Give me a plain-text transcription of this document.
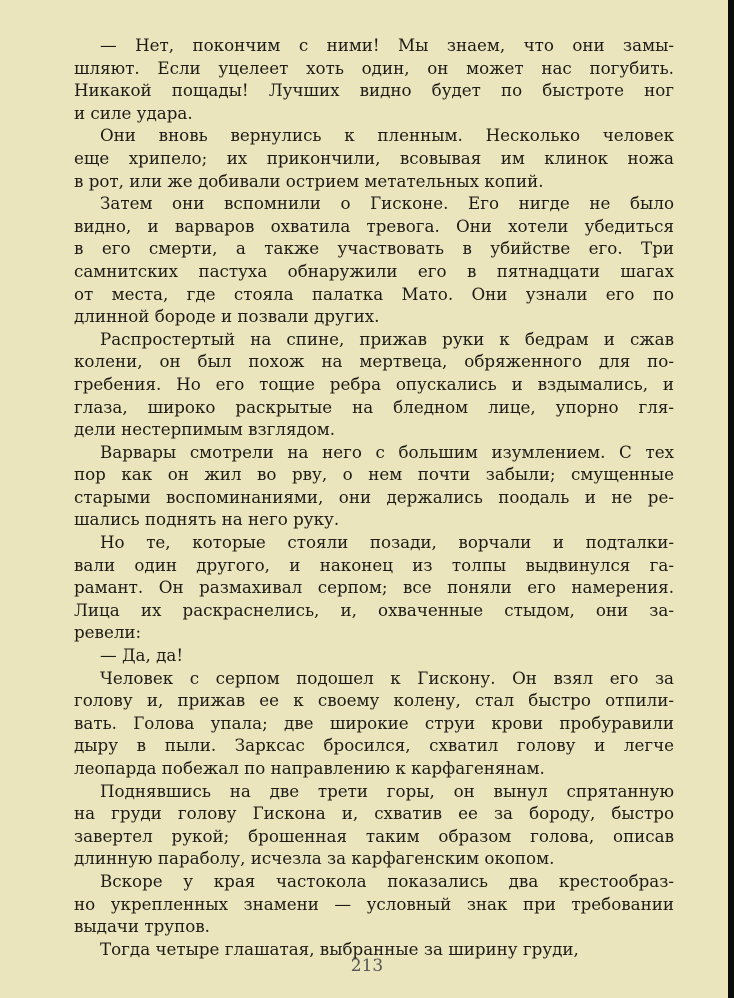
— Нет, покончим с ними! Мы знаем, что они замы-
шляют. Если уцелеет хоть один, он может нас погубить.
Никакой пощады! Лучших видно будет по быстроте ног
и силе удара.

Они вновь вернулись к пленным. Несколько человек
еще хрипело; их прикончили, всовывая им клинок ножа
в рот, или же добивали острием метательных копий.

Затем они вспомнили о Гисконе. Его нигде не было
видно, и варваров охватила тревога. Они хотели убедиться
в его смерти, а также участвовать в убийстве его. Три
самнитских пастуха обнаружили его в пятнадцати шагах
от места, где стояла палатка Мато. Они узнали его по
длинной бороде и позвали других.

Распростертый на спине, прижав руки к бедрам и сжав
колени, он был похож на мертвеца, обряженного для по-
гребения. Но его тощие ребра опускались и вздымались, и
глаза, широко раскрытые на бледном лице, упорно гля-
дели нестерпимым взглядом.

Варвары смотрели на него с большим изумлением. С тех
пор как он жил во рву, о нем почти забыли; смущенные
старыми воспоминаниями, они держались поодаль и не ре-
шались поднять на него руку.

Но те, которые стояли позади, ворчали и подталки-
вали один другого, и наконец из толпы выдвинулся га-
рамант. Он размахивал серпом; все поняли его намерения.
Лица их раскраснелись, и, охваченные стыдом, они за-
ревели:

— Да, да!

Человек с серпом подошел к Гискону. Он взял его за
голову и, прижав ее к своему колену, стал быстро отпили-
вать. Голова упала; две широкие струи крови пробуравили
дыру в пыли. Зарксас бросился, схватил голову и легче
леопарда побежал по направлению к карфагенянам.

Поднявшись на две трети горы, он вынул спрятанную
на груди голову Гискона и, схватив ее за бороду, быстро
завертел рукой; брошенная таким образом голова, описав
длинную параболу, исчезла за карфагенским окопом.

Вскоре у края частокола показались два крестообраз-
но укрепленных знамени — условный знак при требовании
выдачи трупов.

Тогда четыре глашатая, выбранные за ширину груди,

213
